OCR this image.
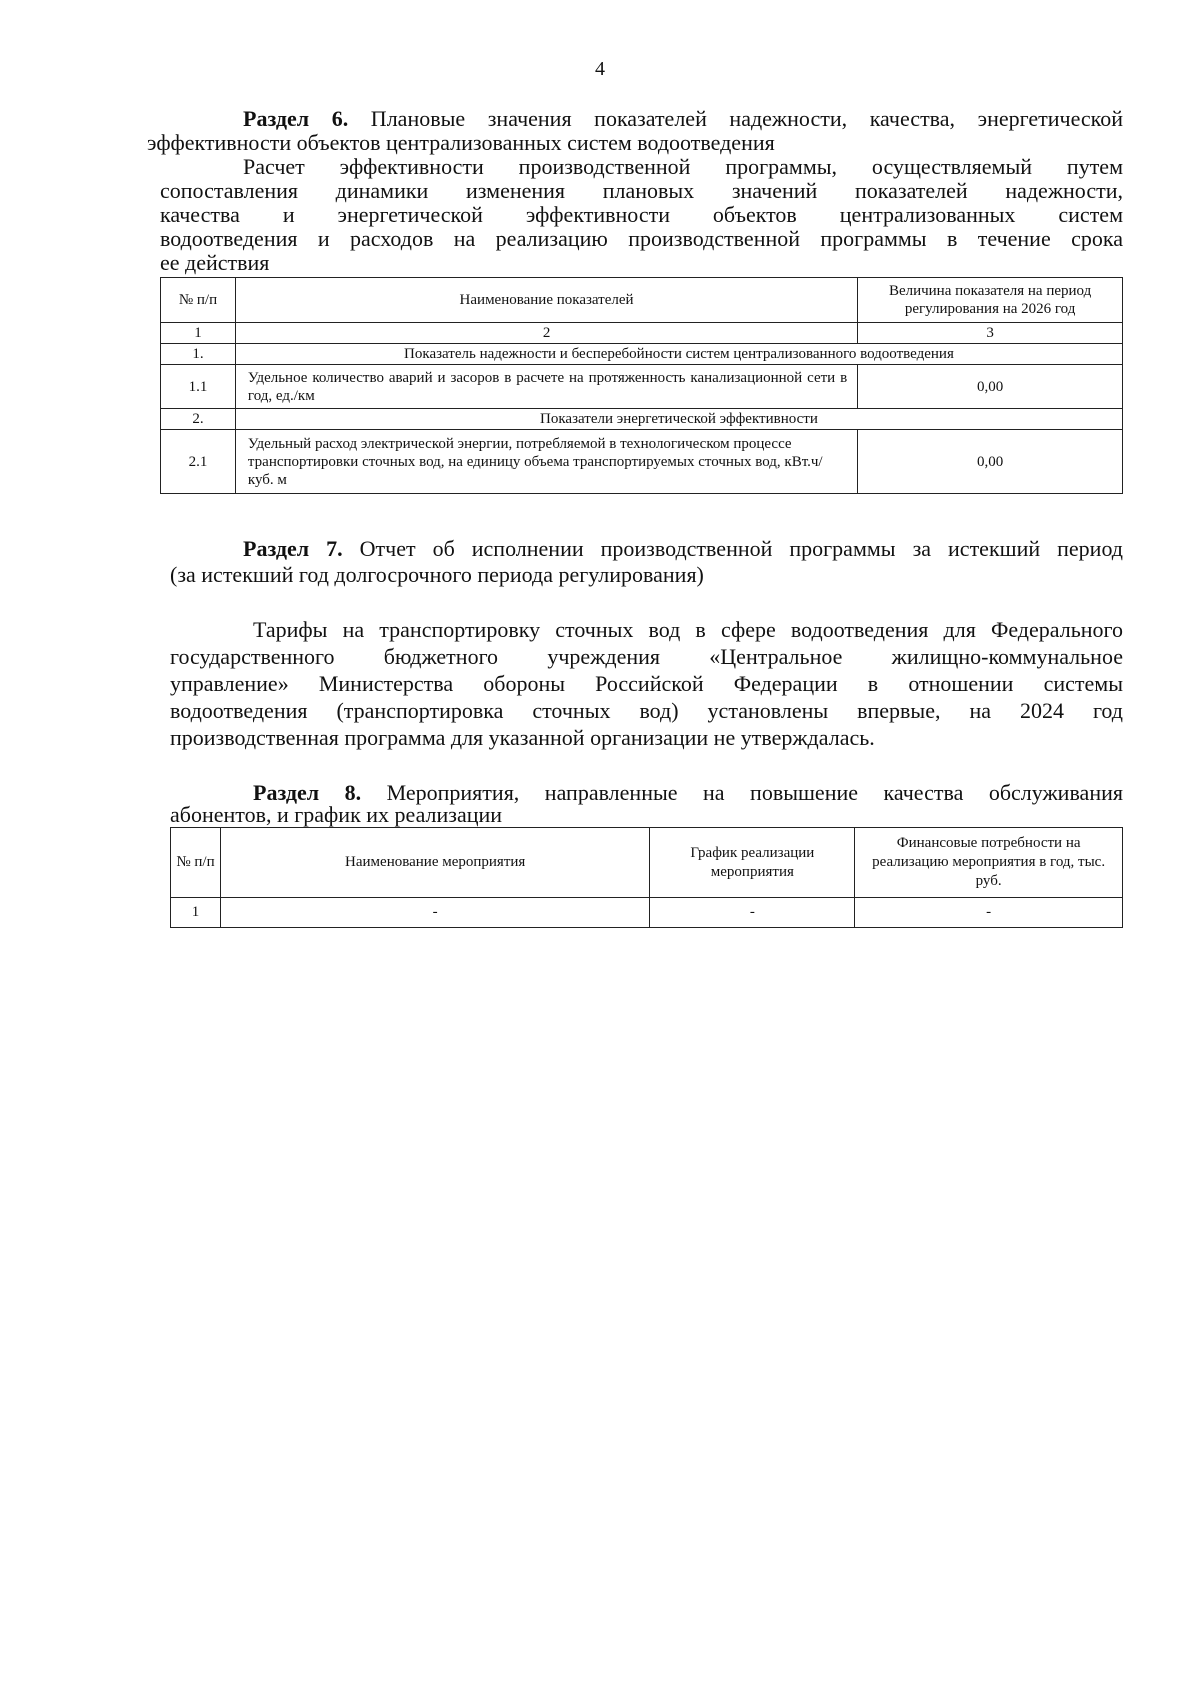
4

Раздел 6. Плановые значения показателей надежности, качества, энергетической

эффективности объектов централизованных систем водоотведения

Расчет эффективности производственной программы, осуществляемый путем

сопоставления динамики изменения плановых значений показателей надежности,

качества и энергетической эффективности объектов централизованных систем

водоотведения и расходов на реализацию производственной программы в течение срока

ее действия

№ п/п	Наименование показателей	Величина показателя на период регулирования на 2026 год
1	2	3
1.	Показатель надежности и бесперебойности систем централизованного водоотведения	
1.1	Удельное количество аварий и засоров в расчете на протяженность канализационной сети в год, ед./км	0,00
2.	Показатели энергетической эффективности	
2.1	Удельный расход электрической энергии, потребляемой в технологическом процессе транспортировки сточных вод, на единицу объема транспортируемых сточных вод, кВт.ч/куб. м	0,00

Раздел 7. Отчет об исполнении производственной программы за истекший период

(за истекший год долгосрочного периода регулирования)

Тарифы на транспортировку сточных вод в сфере водоотведения для Федерального

государственного бюджетного учреждения «Центральное жилищно-коммунальное

управление» Министерства обороны Российской Федерации в отношении системы

водоотведения (транспортировка сточных вод) установлены впервые, на 2024 год

производственная программа для указанной организации не утверждалась.

Раздел 8. Мероприятия, направленные на повышение качества обслуживания

абонентов, и график их реализации

№ п/п	Наименование мероприятия	График реализации мероприятия	Финансовые потребности на реализацию мероприятия в год, тыс. руб.
1	-	-	-
